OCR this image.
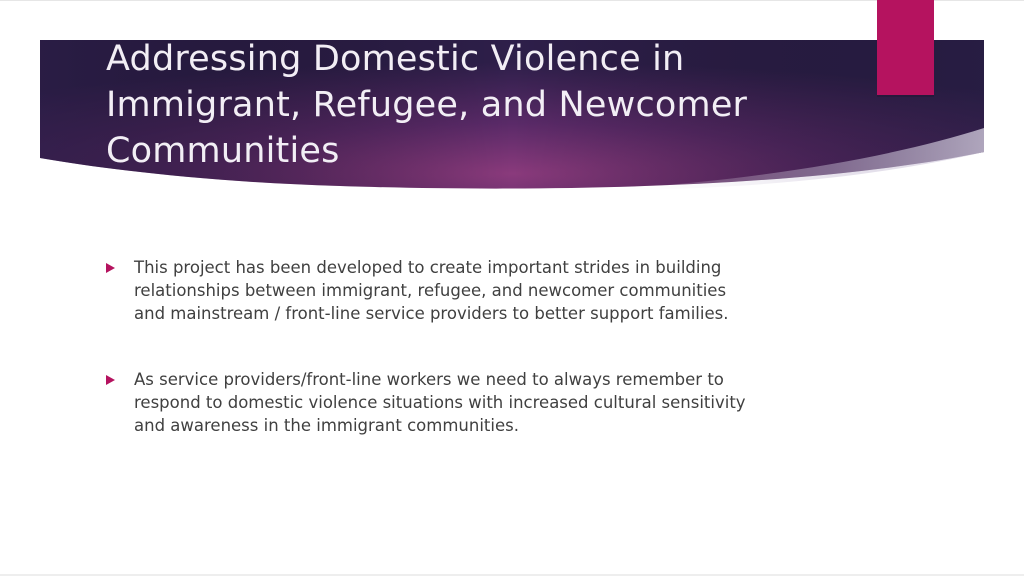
Addressing Domestic Violence in
Immigrant, Refugee, and Newcomer
Communities
This project has been developed to create important strides in building
relationships between immigrant, refugee, and newcomer communities
and mainstream / front-line service providers to better support families.
As service providers/front-line workers we need to always remember to
respond to domestic violence situations with increased cultural sensitivity
and awareness in the immigrant communities.
